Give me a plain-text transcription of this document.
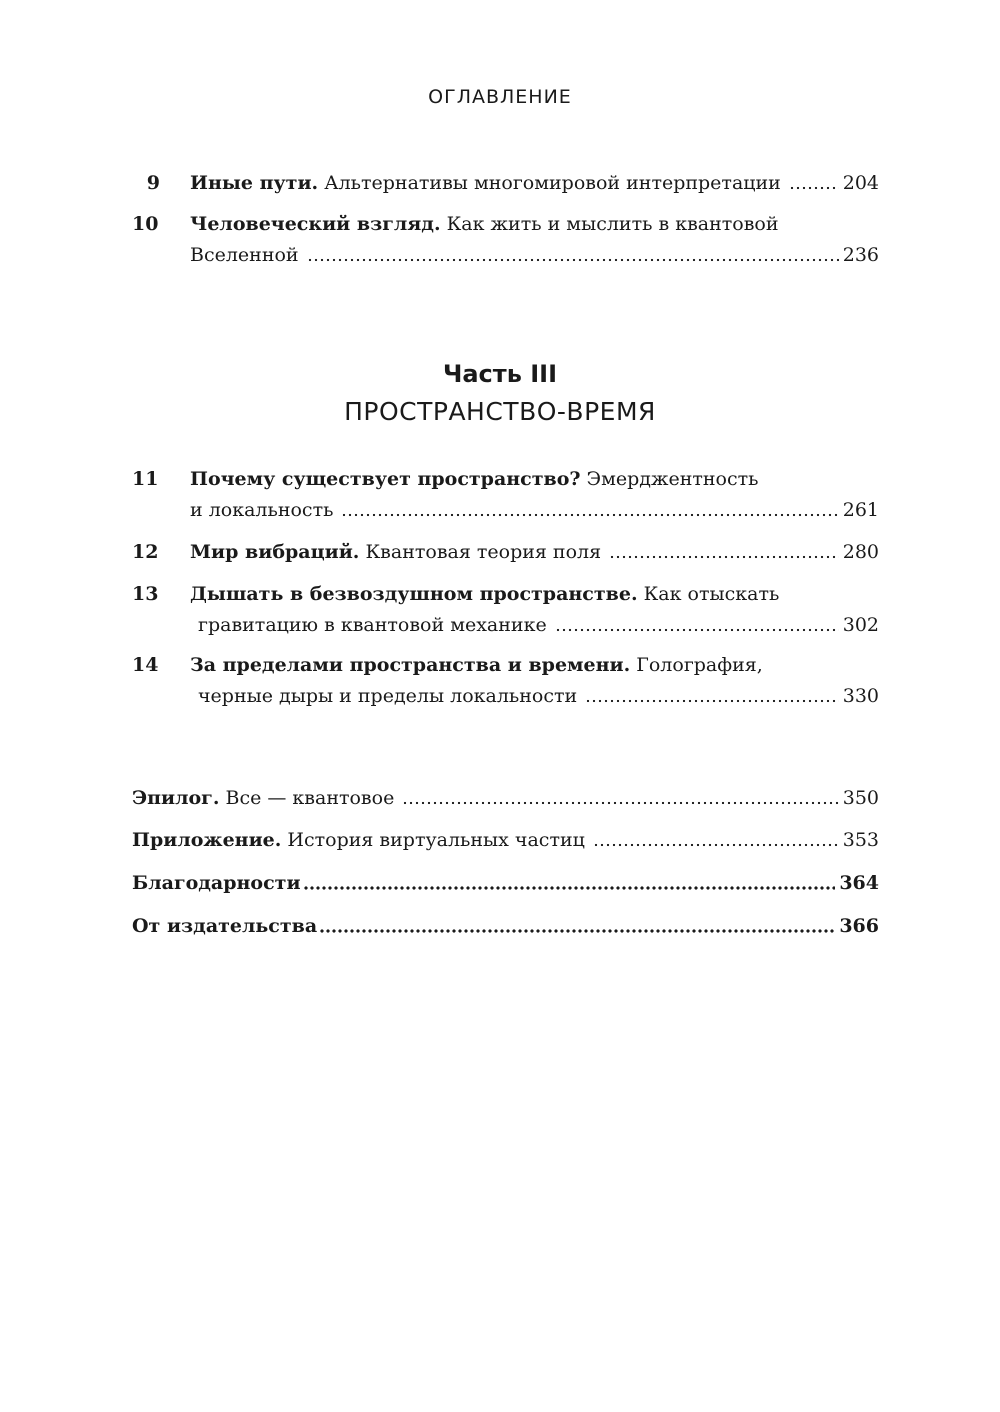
ОГЛАВЛЕНИЕ
9 Иные пути. Альтернативы многомировой интерпретации	204
10	Человеческий взгляд. Как жить и мыслить в квантовой
Вселенной	236
Часть III
ПРОСТРАНСТВО-ВРЕМЯ
11	Почему существует пространство? Эмерджентность
и локальность	261
12	Мир вибраций. Квантовая теория поля	280
13	Дышать в безвоздушном пространстве. Как отыскать
гравитацию в квантовой механике	302
14	За пределами пространства и времени. Голография,
черные дыры и пределы локальности	330
Эпилог. Все — квантовое	350
Приложение. История виртуальных частиц	353
Благодарности	364
От издательства	366
